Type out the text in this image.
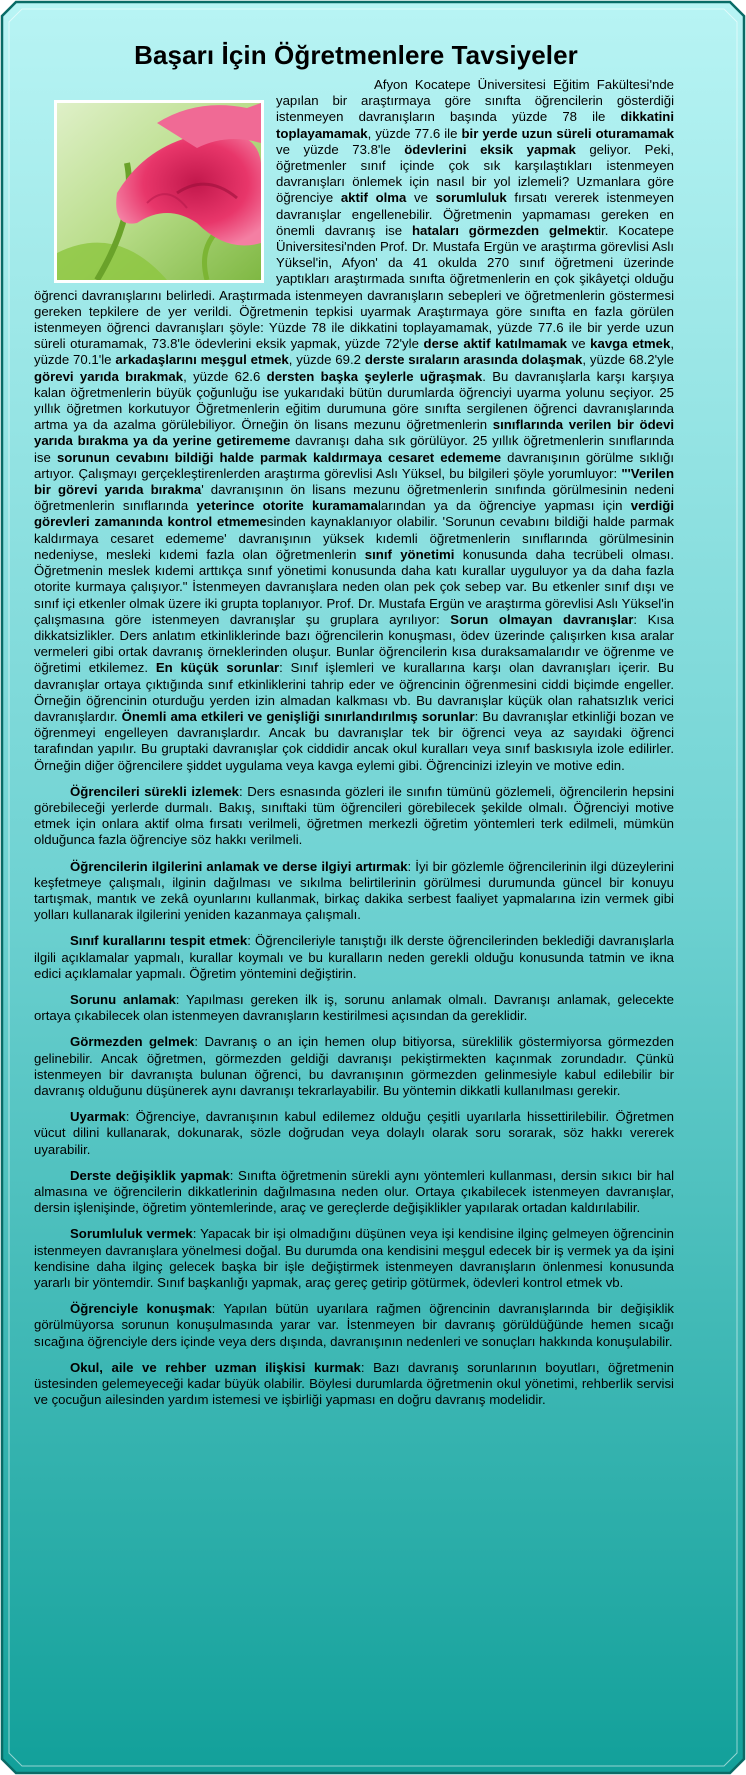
Başarı İçin Öğretmenlere Tavsiyeler

Afyon Kocatepe Üniversitesi Eğitim Fakültesi'nde yapılan bir araştırmaya göre sınıfta öğrencilerin gösterdiği istenmeyen davranışların başında yüzde 78 ile dikkatini toplayamamak, yüzde 77.6 ile bir yerde uzun süreli oturamamak ve yüzde 73.8'le ödevlerini eksik yapmak geliyor. Peki, öğretmenler sınıf içinde çok sık karşılaştıkları istenmeyen davranışları önlemek için nasıl bir yol izlemeli? Uzmanlara göre öğrenciye aktif olma ve sorumluluk fırsatı vererek istenmeyen davranışlar engellenebilir. Öğretmenin yapmaması gereken en önemli davranış ise hataları görmezden gelmektir. Kocatepe Üniversitesi'nden Prof. Dr. Mustafa Ergün ve araştırma görevlisi Aslı Yüksel'in, Afyon' da 41 okulda 270 sınıf öğretmeni üzerinde yaptıkları araştırmada sınıfta öğretmenlerin en çok şikâyetçi olduğu öğrenci davranışlarını belirledi. Araştırmada istenmeyen davranışların sebepleri ve öğretmenlerin göstermesi gereken tepkilere de yer verildi. Öğretmenin tepkisi uyarmak Araştırmaya göre sınıfta en fazla görülen istenmeyen öğrenci davranışları şöyle: Yüzde 78 ile dikkatini toplayamamak, yüzde 77.6 ile bir yerde uzun süreli oturamamak, 73.8'le ödevlerini eksik yapmak, yüzde 72'yle derse aktif katılmamak ve kavga etmek, yüzde 70.1'le arkadaşlarını meşgul etmek, yüzde 69.2 derste sıraların arasında dolaşmak, yüzde 68.2'yle görevi yarıda bırakmak, yüzde 62.6 dersten başka şeylerle uğraşmak. Bu davranışlarla karşı karşıya kalan öğretmenlerin büyük çoğunluğu ise yukarıdaki bütün durumlarda öğrenciyi uyarma yolunu seçiyor. 25 yıllık öğretmen korkutuyor Öğretmenlerin eğitim durumuna göre sınıfta sergilenen öğrenci davranışlarında artma ya da azalma görülebiliyor. Örneğin ön lisans mezunu öğretmenlerin sınıflarında verilen bir ödevi yarıda bırakma ya da yerine getirememe davranışı daha sık görülüyor. 25 yıllık öğretmenlerin sınıflarında ise sorunun cevabını bildiği halde parmak kaldırmaya cesaret edememe davranışının görülme sıklığı artıyor. Çalışmayı gerçekleştirenlerden araştırma görevlisi Aslı Yüksel, bu bilgileri şöyle yorumluyor: "'Verilen bir görevi yarıda bırakma' davranışının ön lisans mezunu öğretmenlerin sınıfında görülmesinin nedeni öğretmenlerin sınıflarında yeterince otorite kuramamalarından ya da öğrenciye yapması için verdiği görevleri zamanında kontrol etmemesinden kaynaklanıyor olabilir. 'Sorunun cevabını bildiği halde parmak kaldırmaya cesaret edememe' davranışının yüksek kıdemli öğretmenlerin sınıflarında görülmesinin nedeniyse, mesleki kıdemi fazla olan öğretmenlerin sınıf yönetimi konusunda daha tecrübeli olması. Öğretmenin meslek kıdemi arttıkça sınıf yönetimi konusunda daha katı kurallar uyguluyor ya da daha fazla otorite kurmaya çalışıyor." İstenmeyen davranışlara neden olan pek çok sebep var. Bu etkenler sınıf dışı ve sınıf içi etkenler olmak üzere iki grupta toplanıyor. Prof. Dr. Mustafa Ergün ve araştırma görevlisi Aslı Yüksel'in çalışmasına göre istenmeyen davranışlar şu gruplara ayrılıyor: Sorun olmayan davranışlar: Kısa dikkatsizlikler. Ders anlatım etkinliklerinde bazı öğrencilerin konuşması, ödev üzerinde çalışırken kısa aralar vermeleri gibi ortak davranış örneklerinden oluşur. Bunlar öğrencilerin kısa duraksamalarıdır ve öğrenme ve öğretimi etkilemez. En küçük sorunlar: Sınıf işlemleri ve kurallarına karşı olan davranışları içerir. Bu davranışlar ortaya çıktığında sınıf etkinliklerini tahrip eder ve öğrencinin öğrenmesini ciddi biçimde engeller. Örneğin öğrencinin oturduğu yerden izin almadan kalkması vb. Bu davranışlar küçük olan rahatsızlık verici davranışlardır. Önemli ama etkileri ve genişliği sınırlandırılmış sorunlar: Bu davranışlar etkinliği bozan ve öğrenmeyi engelleyen davranışlardır. Ancak bu davranışlar tek bir öğrenci veya az sayıdaki öğrenci tarafından yapılır. Bu gruptaki davranışlar çok ciddidir ancak okul kuralları veya sınıf baskısıyla izole edilirler. Örneğin diğer öğrencilere şiddet uygulama veya kavga eylemi gibi. Öğrencinizi izleyin ve motive edin.

Öğrencileri sürekli izlemek: Ders esnasında gözleri ile sınıfın tümünü gözlemeli, öğrencilerin hepsini görebileceği yerlerde durmalı. Bakış, sınıftaki tüm öğrencileri görebilecek şekilde olmalı. Öğrenciyi motive etmek için onlara aktif olma fırsatı verilmeli, öğretmen merkezli öğretim yöntemleri terk edilmeli, mümkün olduğunca fazla öğrenciye söz hakkı verilmeli.

Öğrencilerin ilgilerini anlamak ve derse ilgiyi artırmak: İyi bir gözlemle öğrencilerinin ilgi düzeylerini keşfetmeye çalışmalı, ilginin dağılması ve sıkılma belirtilerinin görülmesi durumunda güncel bir konuyu tartışmak, mantık ve zekâ oyunlarını kullanmak, birkaç dakika serbest faaliyet yapmalarına izin vermek gibi yolları kullanarak ilgilerini yeniden kazanmaya çalışmalı.

Sınıf kurallarını tespit etmek: Öğrencileriyle tanıştığı ilk derste öğrencilerinden beklediği davranışlarla ilgili açıklamalar yapmalı, kurallar koymalı ve bu kuralların neden gerekli olduğu konusunda tatmin ve ikna edici açıklamalar yapmalı. Öğretim yöntemini değiştirin.

Sorunu anlamak: Yapılması gereken ilk iş, sorunu anlamak olmalı. Davranışı anlamak, gelecekte ortaya çıkabilecek olan istenmeyen davranışların kestirilmesi açısından da gereklidir.

Görmezden gelmek: Davranış o an için hemen olup bitiyorsa, süreklilik göstermiyorsa görmezden gelinebilir. Ancak öğretmen, görmezden geldiği davranışı pekiştirmekten kaçınmak zorundadır. Çünkü istenmeyen bir davranışta bulunan öğrenci, bu davranışının görmezden gelinmesiyle kabul edilebilir bir davranış olduğunu düşünerek aynı davranışı tekrarlayabilir. Bu yöntemin dikkatli kullanılması gerekir.

Uyarmak: Öğrenciye, davranışının kabul edilemez olduğu çeşitli uyarılarla hissettirilebilir. Öğretmen vücut dilini kullanarak, dokunarak, sözle doğrudan veya dolaylı olarak soru sorarak, söz hakkı vererek uyarabilir.

Derste değişiklik yapmak: Sınıfta öğretmenin sürekli aynı yöntemleri kullanması, dersin sıkıcı bir hal almasına ve öğrencilerin dikkatlerinin dağılmasına neden olur. Ortaya çıkabilecek istenmeyen davranışlar, dersin işlenişinde, öğretim yöntemlerinde, araç ve gereçlerde değişiklikler yapılarak ortadan kaldırılabilir.

Sorumluluk vermek: Yapacak bir işi olmadığını düşünen veya işi kendisine ilginç gelmeyen öğrencinin istenmeyen davranışlara yönelmesi doğal. Bu durumda ona kendisini meşgul edecek bir iş vermek ya da işini kendisine daha ilginç gelecek başka bir işle değiştirmek istenmeyen davranışların önlenmesi konusunda yararlı bir yöntemdir. Sınıf başkanlığı yapmak, araç gereç getirip götürmek, ödevleri kontrol etmek vb.

Öğrenciyle konuşmak: Yapılan bütün uyarılara rağmen öğrencinin davranışlarında bir değişiklik görülmüyorsa sorunun konuşulmasında yarar var. İstenmeyen bir davranış görüldüğünde hemen sıcağı sıcağına öğrenciyle ders içinde veya ders dışında, davranışının nedenleri ve sonuçları hakkında konuşulabilir.

Okul, aile ve rehber uzman ilişkisi kurmak: Bazı davranış sorunlarının boyutları, öğretmenin üstesinden gelemeyeceği kadar büyük olabilir. Böylesi durumlarda öğretmenin okul yönetimi, rehberlik servisi ve çocuğun ailesinden yardım istemesi ve işbirliği yapması en doğru davranış modelidir.
